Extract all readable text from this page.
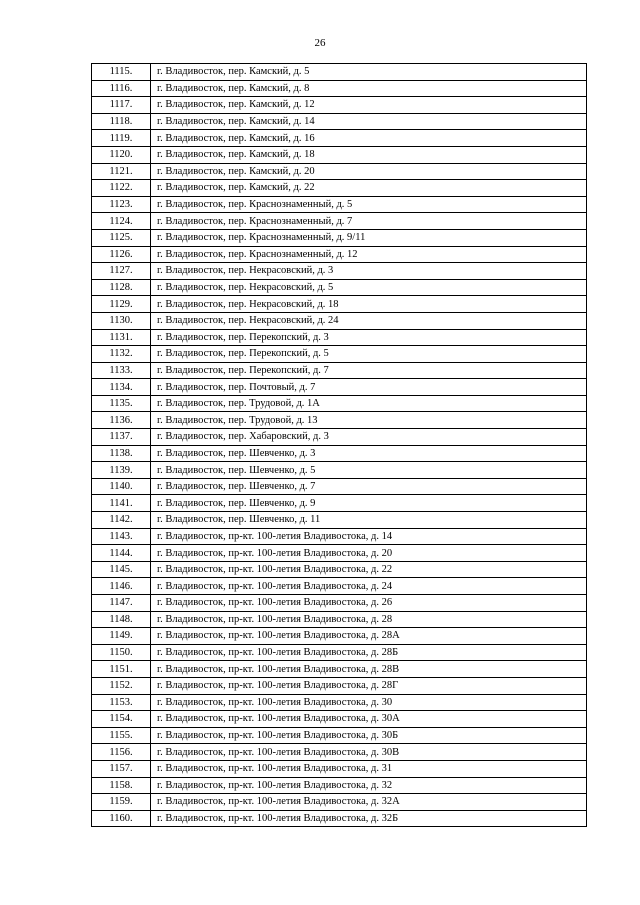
26
1115.	г. Владивосток, пер. Камский, д. 5
1116.	г. Владивосток, пер. Камский, д. 8
1117.	г. Владивосток, пер. Камский, д. 12
1118.	г. Владивосток, пер. Камский, д. 14
1119.	г. Владивосток, пер. Камский, д. 16
1120.	г. Владивосток, пер. Камский, д. 18
1121.	г. Владивосток, пер. Камский, д. 20
1122.	г. Владивосток, пер. Камский, д. 22
1123.	г. Владивосток, пер. Краснознаменный, д. 5
1124.	г. Владивосток, пер. Краснознаменный, д. 7
1125.	г. Владивосток, пер. Краснознаменный, д. 9/11
1126.	г. Владивосток, пер. Краснознаменный, д. 12
1127.	г. Владивосток, пер. Некрасовский, д. 3
1128.	г. Владивосток, пер. Некрасовский, д. 5
1129.	г. Владивосток, пер. Некрасовский, д. 18
1130.	г. Владивосток, пер. Некрасовский, д. 24
1131.	г. Владивосток, пер. Перекопский, д. 3
1132.	г. Владивосток, пер. Перекопский, д. 5
1133.	г. Владивосток, пер. Перекопский, д. 7
1134.	г. Владивосток, пер. Почтовый, д. 7
1135.	г. Владивосток, пер. Трудовой, д. 1А
1136.	г. Владивосток, пер. Трудовой, д. 13
1137.	г. Владивосток, пер. Хабаровский, д. 3
1138.	г. Владивосток, пер. Шевченко, д. 3
1139.	г. Владивосток, пер. Шевченко, д. 5
1140.	г. Владивосток, пер. Шевченко, д. 7
1141.	г. Владивосток, пер. Шевченко, д. 9
1142.	г. Владивосток, пер. Шевченко, д. 11
1143.	г. Владивосток, пр-кт. 100-летия Владивостока, д. 14
1144.	г. Владивосток, пр-кт. 100-летия Владивостока, д. 20
1145.	г. Владивосток, пр-кт. 100-летия Владивостока, д. 22
1146.	г. Владивосток, пр-кт. 100-летия Владивостока, д. 24
1147.	г. Владивосток, пр-кт. 100-летия Владивостока, д. 26
1148.	г. Владивосток, пр-кт. 100-летия Владивостока, д. 28
1149.	г. Владивосток, пр-кт. 100-летия Владивостока, д. 28А
1150.	г. Владивосток, пр-кт. 100-летия Владивостока, д. 28Б
1151.	г. Владивосток, пр-кт. 100-летия Владивостока, д. 28В
1152.	г. Владивосток, пр-кт. 100-летия Владивостока, д. 28Г
1153.	г. Владивосток, пр-кт. 100-летия Владивостока, д. 30
1154.	г. Владивосток, пр-кт. 100-летия Владивостока, д. 30А
1155.	г. Владивосток, пр-кт. 100-летия Владивостока, д. 30Б
1156.	г. Владивосток, пр-кт. 100-летия Владивостока, д. 30В
1157.	г. Владивосток, пр-кт. 100-летия Владивостока, д. 31
1158.	г. Владивосток, пр-кт. 100-летия Владивостока, д. 32
1159.	г. Владивосток, пр-кт. 100-летия Владивостока, д. 32А
1160.	г. Владивосток, пр-кт. 100-летия Владивостока, д. 32Б
